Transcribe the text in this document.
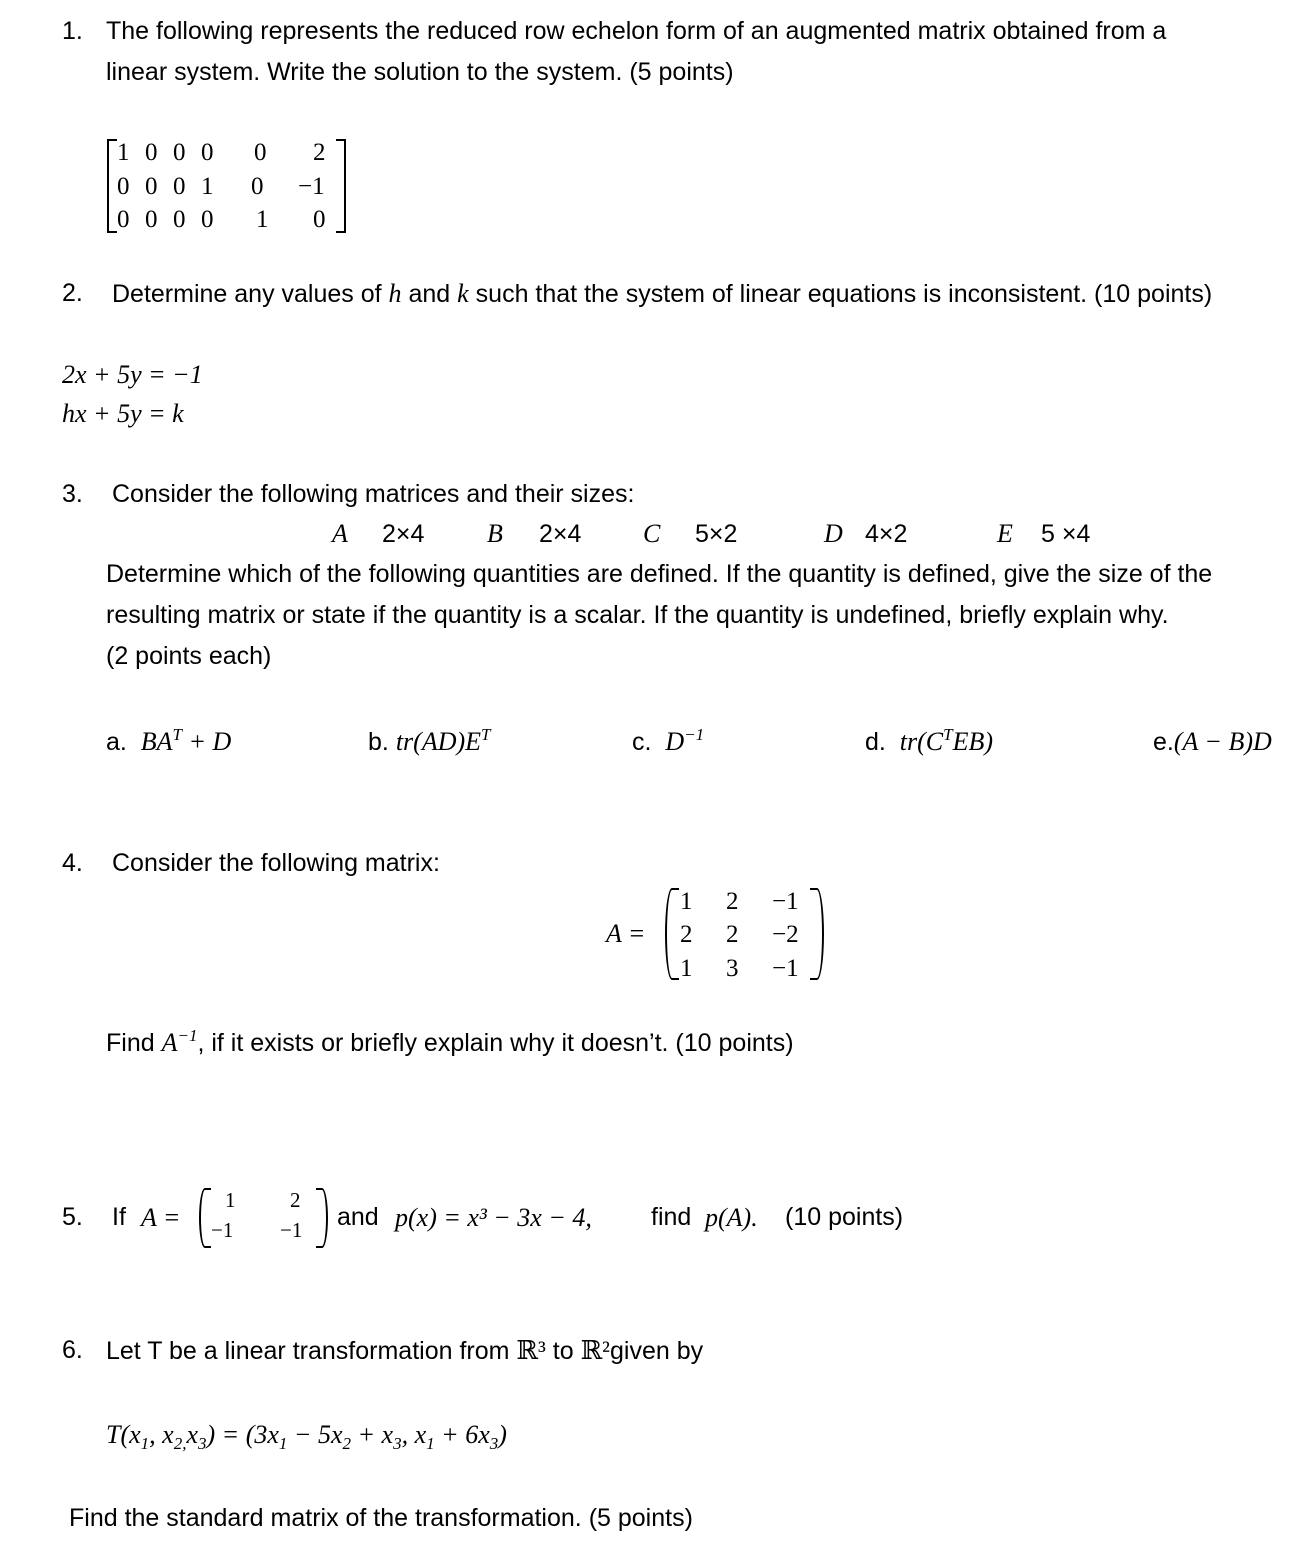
1. The following represents the reduced row echelon form of an augmented matrix obtained from a
linear system. Write the solution to the system. (5 points)
1 0 0 0 0 2
0 0 0 1 0 −1
0 0 0 0 1 0
2. Determine any values of h and k such that the system of linear equations is inconsistent. (10 points)
2x + 5y = −1
hx + 5y = k
3. Consider the following matrices and their sizes:
A 2×4 B 2×4 C 5×2	D 4×2	E 5 ×4
Determine which of the following quantities are defined. If the quantity is defined, give the size of the
resulting matrix or state if the quantity is a scalar. If the quantity is undefined, briefly explain why.
(2 points each)
a. $BA^T + D$	b. $tr(AD)E^T$	c. $D^{-1}$	d. $tr(C^TEB)$	e.(A − B)D
4. Consider the following matrix:
A =
1 2 −1
2 2 −2
1 3 −1
Find $A^{-1}$, if it exists or briefly explain why it doesn’t. (10 points)
5. If A =
1	2
−1 −1 and p(x) = x³ − 3x − 4, find p(A). (10 points)
6. Let T be a linear transformation from ℝ³ to ℝ²given by
$T(x_1$, $x_{2,}x_3) = (3x_1 - 5x_2 + x_3$, $x_1 + 6x_3$)
Find the standard matrix of the transformation. (5 points)
